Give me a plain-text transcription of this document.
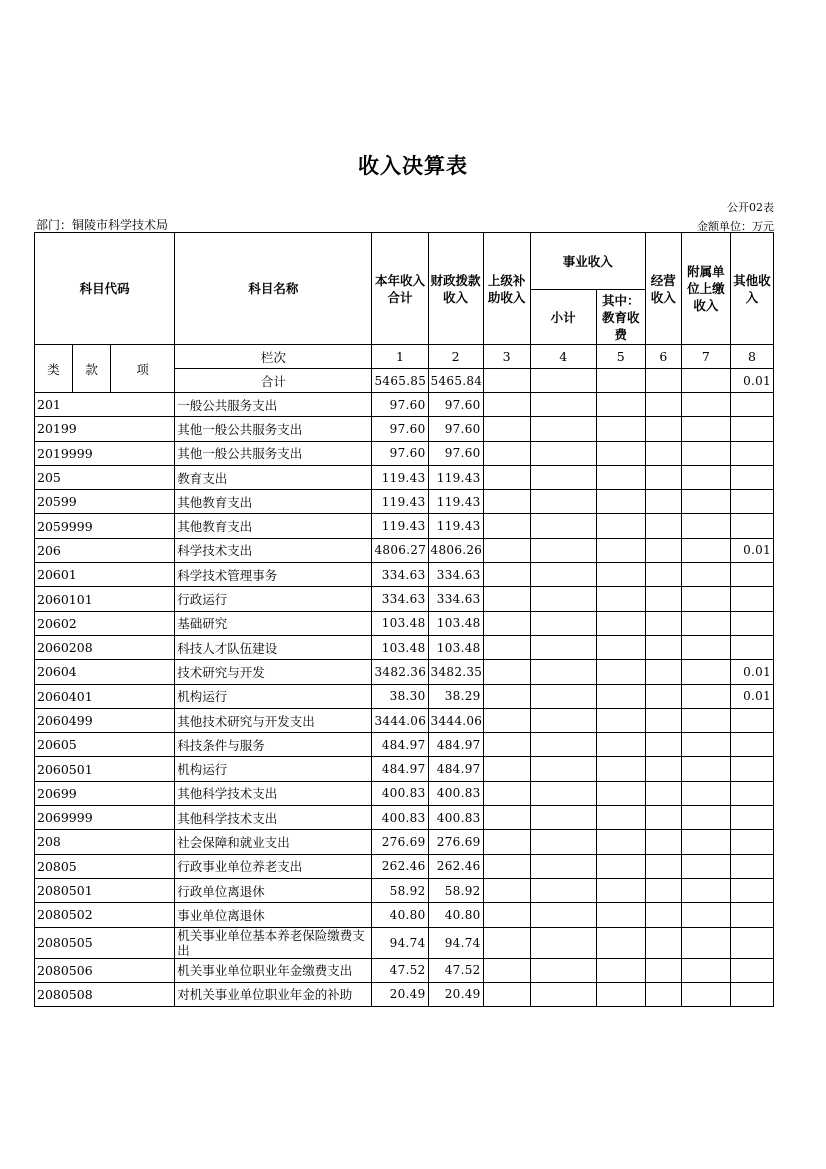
收入决算表
公开02表
部门：铜陵市科学技术局	金额单位：万元
科目代码			科目名称	本年收入合计	财政拨款收入	上级补助收入	事业收入		经营收入	附属单位上缴收入	其他收入
							小计	其中：教育收费			
类	款	项	栏次	1	2	3	4	5	6	7	8
			合计	5465.85	5465.84						0.01
201			一般公共服务支出	97.60	97.60						
20199			其他一般公共服务支出	97.60	97.60						
2019999			其他一般公共服务支出	97.60	97.60						
205			教育支出	119.43	119.43						
20599			其他教育支出	119.43	119.43						
2059999			其他教育支出	119.43	119.43						
206			科学技术支出	4806.27	4806.26						0.01
20601			科学技术管理事务	334.63	334.63						
2060101			行政运行	334.63	334.63						
20602			基础研究	103.48	103.48						
2060208			科技人才队伍建设	103.48	103.48						
20604			技术研究与开发	3482.36	3482.35						0.01
2060401			机构运行	38.30	38.29						0.01
2060499			其他技术研究与开发支出	3444.06	3444.06						
20605			科技条件与服务	484.97	484.97						
2060501			机构运行	484.97	484.97						
20699			其他科学技术支出	400.83	400.83						
2069999			其他科学技术支出	400.83	400.83						
208			社会保障和就业支出	276.69	276.69						
20805			行政事业单位养老支出	262.46	262.46						
2080501			行政单位离退休	58.92	58.92						
2080502			事业单位离退休	40.80	40.80						
2080505			机关事业单位基本养老保险缴费支出	94.74	94.74						
2080506			机关事业单位职业年金缴费支出	47.52	47.52						
2080508			对机关事业单位职业年金的补助	20.49	20.49						
